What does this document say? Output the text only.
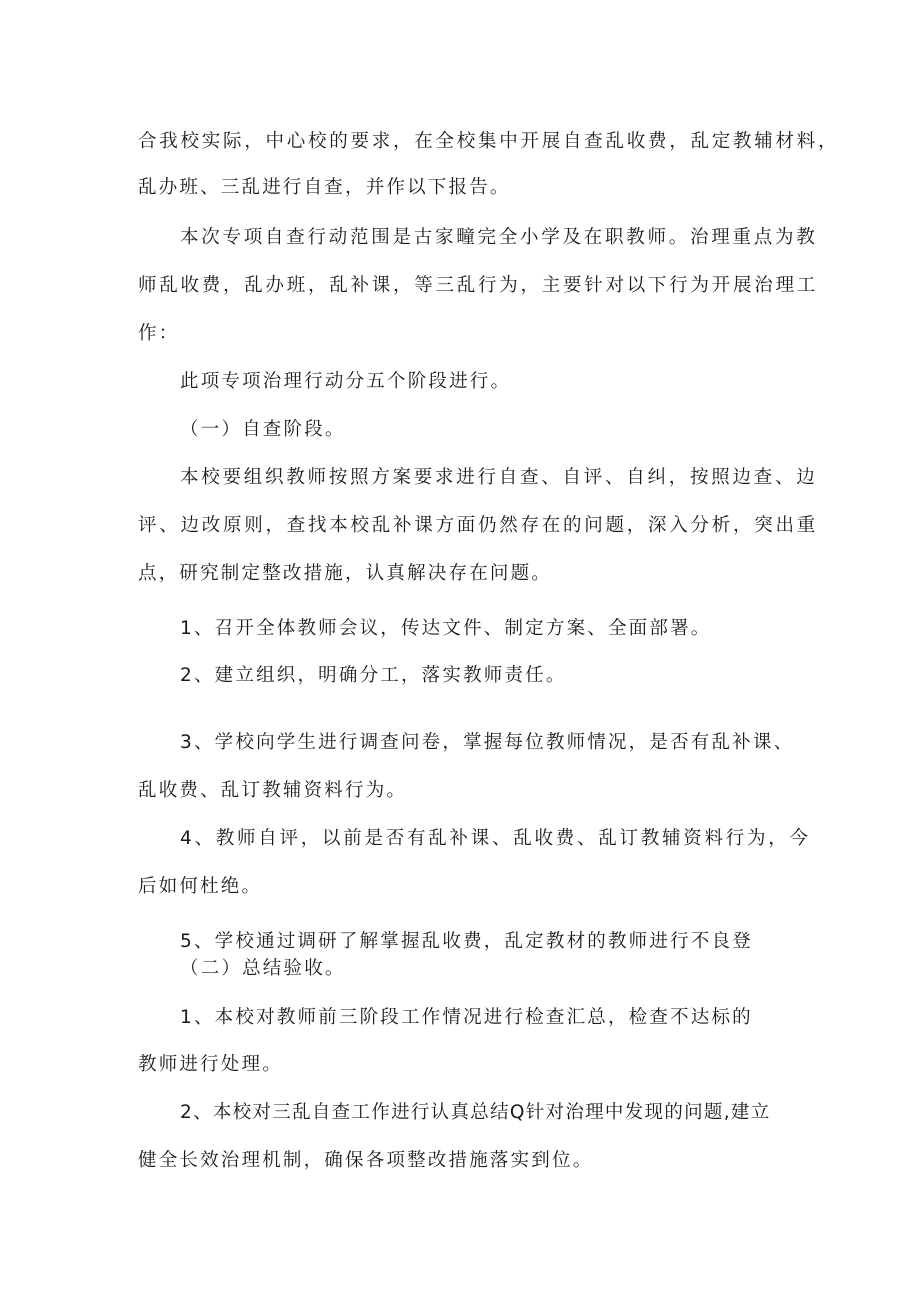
合我校实际，中心校的要求，在全校集中开展自查乱收费，乱定教辅材料，
乱办班、三乱进行自查，并作以下报告。
本次专项自查行动范围是古家疃完全小学及在职教师。治理重点为教
师乱收费，乱办班，乱补课，等三乱行为，主要针对以下行为开展治理工
作：
此项专项治理行动分五个阶段进行。
（一）自查阶段。
本校要组织教师按照方案要求进行自查、自评、自纠，按照边查、边
评、边改原则，查找本校乱补课方面仍然存在的问题，深入分析，突出重
点，研究制定整改措施，认真解决存在问题。
1、召开全体教师会议，传达文件、制定方案、全面部署。
2、建立组织，明确分工，落实教师责任。
3、学校向学生进行调查问卷，掌握每位教师情况，是否有乱补课、
乱收费、乱订教辅资料行为。
4、教师自评，以前是否有乱补课、乱收费、乱订教辅资料行为，今
后如何杜绝。
5、学校通过调研了解掌握乱收费，乱定教材的教师进行不良登
（二）总结验收。
1、本校对教师前三阶段工作情况进行检查汇总，检查不达标的
教师进行处理。
2、本校对三乱自查工作进行认真总结Q针对治理中发现的问题,建立
健全长效治理机制，确保各项整改措施落实到位。
